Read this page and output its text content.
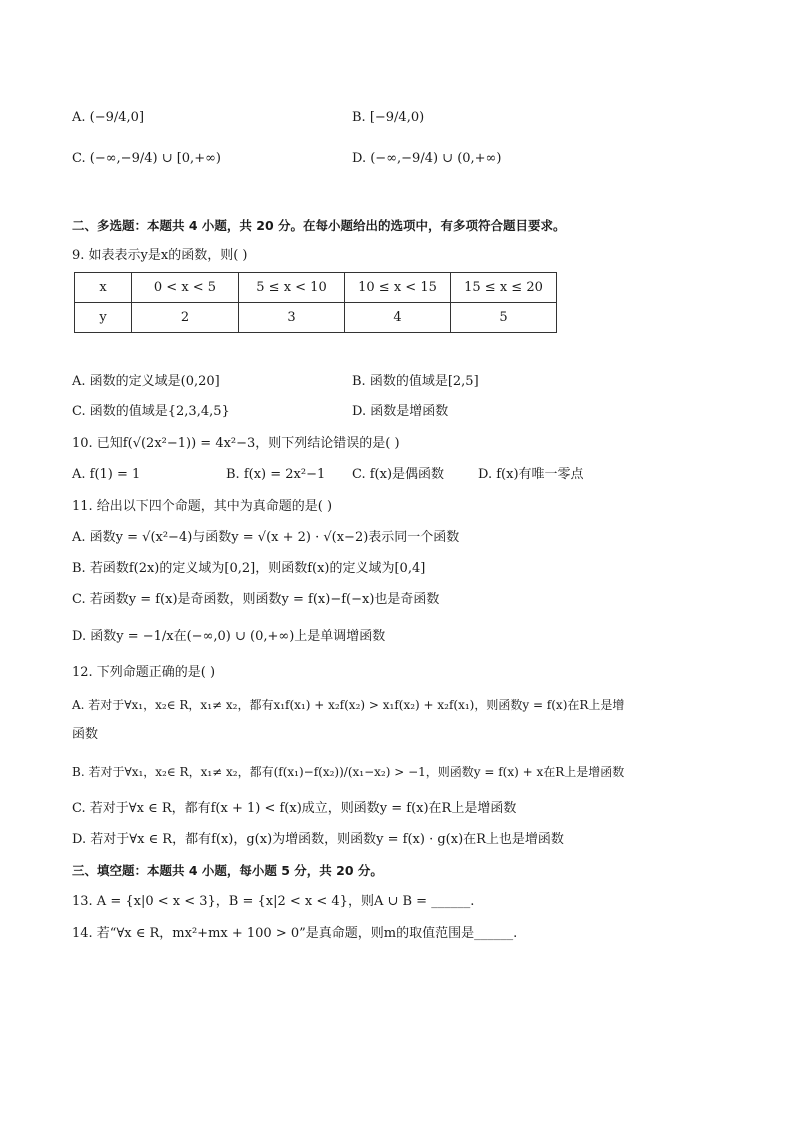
A. (−9/4,0]	B. [−9/4,0)
C. (−∞,−9/4) ∪ [0,+∞)	D. (−∞,−9/4) ∪ (0,+∞)
二、多选题：本题共 4 小题，共 20 分。在每小题给出的选项中，有多项符合题目要求。
9. 如表表示y是x的函数，则( )
x	0 < x < 5	5 ≤ x < 10	10 ≤ x < 15	15 ≤ x ≤ 20
y	2	3	4	5
A. 函数的定义域是(0,20]	B. 函数的值域是[2,5]
C. 函数的值域是{2,3,4,5}	D. 函数是增函数
10. 已知f(√(2x²−1)) = 4x²−3，则下列结论错误的是( )
A. f(1) = 1	B. f(x) = 2x²−1 C. f(x)是偶函数	D. f(x)有唯一零点
11. 给出以下四个命题，其中为真命题的是( )
A. 函数y = √(x²−4)与函数y = √(x + 2) · √(x−2)表示同一个函数
B. 若函数f(2x)的定义域为[0,2]，则函数f(x)的定义域为[0,4]
C. 若函数y = f(x)是奇函数，则函数y = f(x)−f(−x)也是奇函数
D. 函数y = −1/x在(−∞,0) ∪ (0,+∞)上是单调增函数
12. 下列命题正确的是( )
A. 若对于∀x₁，x₂∈ R，x₁≠ x₂，都有x₁f(x₁) + x₂f(x₂) > x₁f(x₂) + x₂f(x₁)，则函数y = f(x)在R上是增
函数
B. 若对于∀x₁，x₂∈ R，x₁≠ x₂，都有(f(x₁)−f(x₂))/(x₁−x₂) > −1，则函数y = f(x) + x在R上是增函数
C. 若对于∀x ∈ R，都有f(x + 1) < f(x)成立，则函数y = f(x)在R上是增函数
D. 若对于∀x ∈ R，都有f(x)，g(x)为增函数，则函数y = f(x) · g(x)在R上也是增函数
三、填空题：本题共 4 小题，每小题 5 分，共 20 分。
13. A = {x|0 < x < 3}，B = {x|2 < x < 4}，则A ∪ B = ______.
14. 若“∀x ∈ R，mx²+mx + 100 > 0”是真命题，则m的取值范围是______.
